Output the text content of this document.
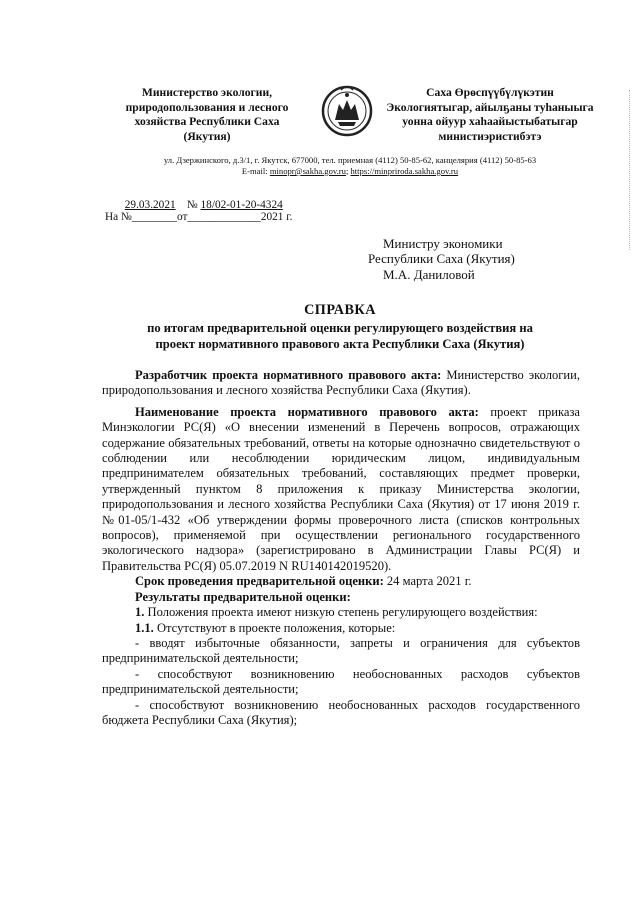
Министерство экологии,
природопользования и лесного
хозяйства Республики Саха
(Якутия)
Саха Өрөспүүбүлүкэтин
Экологиятыгар, айылҕаны туһаныыга
уонна ойуур хаһаайыстыбатыгар
министиэристибэтэ
ул. Дзержинского, д.3/1, г. Якутск, 677000, тел. приемная (4112) 50-85-62, канцелярия (4112) 50-85-63
E-mail: minopr@sakha.gov.ru; https://minpriroda.sakha.gov.ru
29.03.2021 № 18/02-01-20-4324
На №________от_____________2021 г.
Министру экономики
Республики Саха (Якутия)
М.А. Даниловой
СПРАВКА
по итогам предварительной оценки регулирующего воздействия на
проект нормативного правового акта Республики Саха (Якутия)

Разработчик проекта нормативного правового акта: Министерство экологии, природопользования и лесного хозяйства Республики Саха (Якутия).

Наименование проекта нормативного правового акта: проект приказа Минэкологии РС(Я) «О внесении изменений в Перечень вопросов, отражающих содержание обязательных требований, ответы на которые однозначно свидетельствуют о соблюдении или несоблюдении юридическим лицом, индивидуальным предпринимателем обязательных требований, составляющих предмет проверки, утвержденный пунктом 8 приложения к приказу Министерства экологии, природопользования и лесного хозяйства Республики Саха (Якутия) от 17 июня 2019 г. №01-05/1-432 «Об утверждении формы проверочного листа (списков контрольных вопросов), применяемой при осуществлении регионального государственного экологического надзора» (зарегистрировано в Администрации Главы РС(Я) и Правительства РС(Я) 05.07.2019 N RU140142019520).

Срок проведения предварительной оценки: 24 марта 2021 г.

Результаты предварительной оценки:

1. Положения проекта имеют низкую степень регулирующего воздействия:

1.1. Отсутствуют в проекте положения, которые:

- вводят избыточные обязанности, запреты и ограничения для субъектов предпринимательской деятельности;

- способствуют возникновению необоснованных расходов субъектов предпринимательской деятельности;

- способствуют возникновению необоснованных расходов государственного бюджета Республики Саха (Якутия);
